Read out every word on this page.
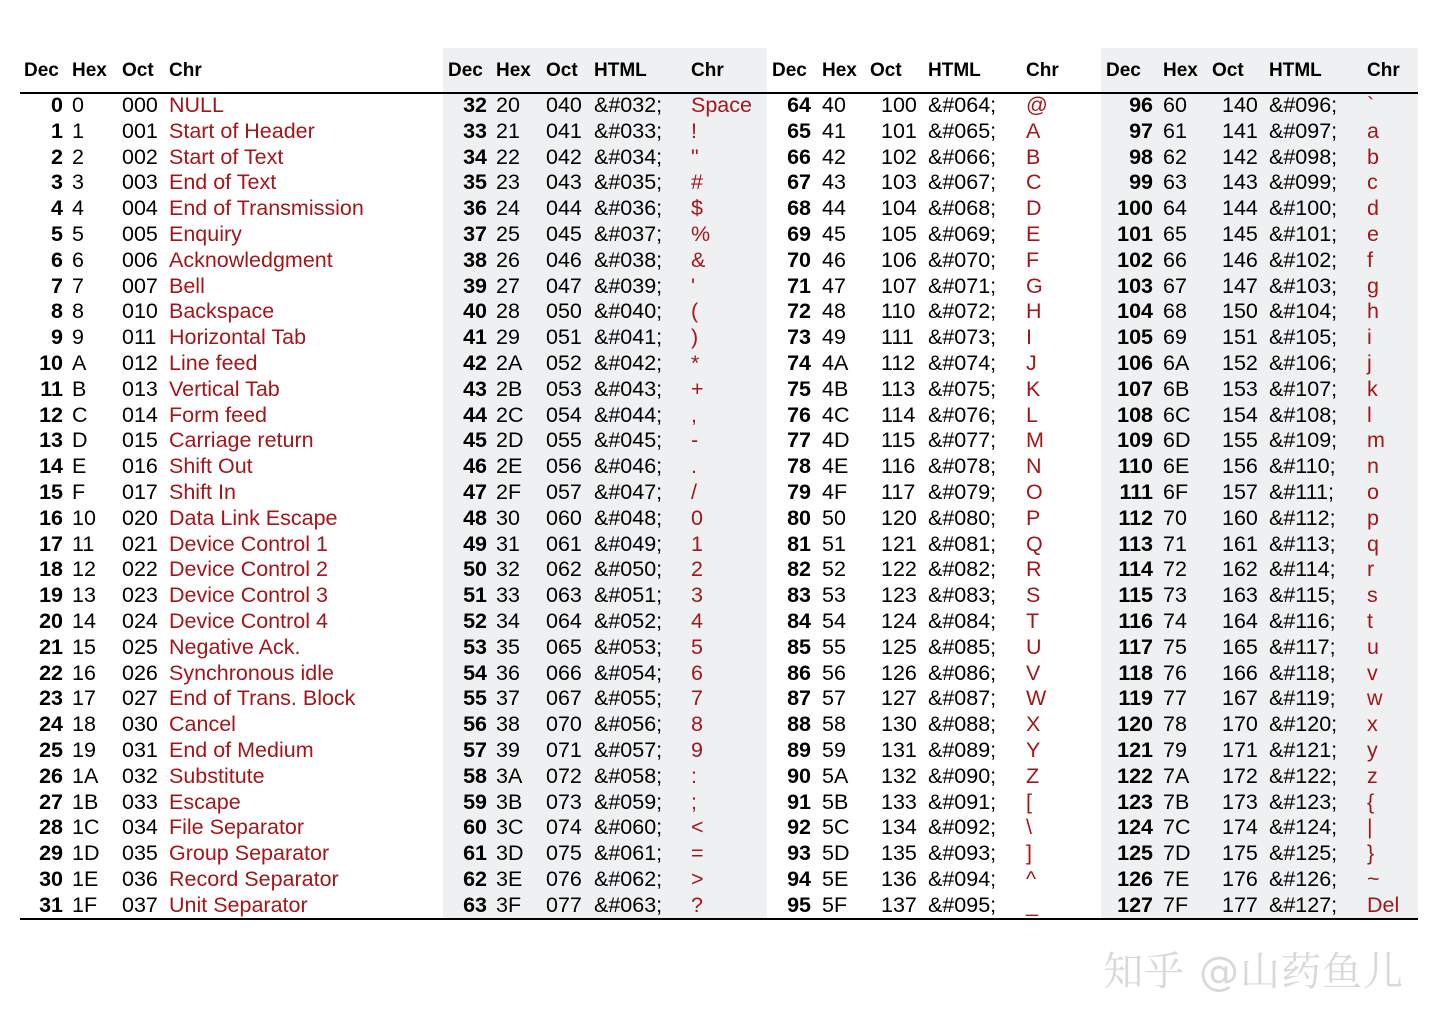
Dec Hex Oct Chr	Dec Hex Oct HTML Chr	Dec Hex Oct HTML Chr Dec Hex Oct HTML Chr
0 0 000 NULL
1 1 001 Start of Header
2 2 002 Start of Text
3 3 003 End of Text
4 4 004 End of Transmission
5 5 005 Enquiry
6 6 006 Acknowledgment
7 7 007 Bell
8 8 010 Backspace
9 9 011 Horizontal Tab
10 A 012 Line feed
11 B 013 Vertical Tab
12 C 014 Form feed
13 D 015 Carriage return
14 E 016 Shift Out
15 F 017 Shift In
16 10 020 Data Link Escape
17 11 021 Device Control 1
18 12 022 Device Control 2
19 13 023 Device Control 3
20 14 024 Device Control 4
21 15 025 Negative Ack.
22 16 026 Synchronous idle
23 17 027 End of Trans. Block
24 18 030 Cancel
25 19 031 End of Medium
26 1A 032 Substitute
27 1B 033 Escape
28 1C 034 File Separator
29 1D 035 Group Separator
30 1E 036 Record Separator
31 1F 037 Unit Separator
32 20 040 &#032; Space
33 21 041 &#033; !
34 22 042 &#034; "
35 23 043 &#035; #
36 24 044 &#036; $
37 25 045 &#037; %
38 26 046 &#038; &
39 27 047 &#039; '
40 28 050 &#040; (
41 29 051 &#041; )
42 2A 052 &#042; *
43 2B 053 &#043; +
44 2C 054 &#044; ,
45 2D 055 &#045; -
46 2E 056 &#046; .
47 2F 057 &#047; /
48 30 060 &#048; 0
49 31 061 &#049; 1
50 32 062 &#050; 2
51 33 063 &#051; 3
52 34 064 &#052; 4
53 35 065 &#053; 5
54 36 066 &#054; 6
55 37 067 &#055; 7
56 38 070 &#056; 8
57 39 071 &#057; 9
58 3A 072 &#058; :
59 3B 073 &#059; ;
60 3C 074 &#060; <
61 3D 075 &#061; =
62 3E 076 &#062; >
63 3F 077 &#063; ?
64 40 100 &#064; @
65 41 101 &#065; A
66 42 102 &#066; B
67 43 103 &#067; C
68 44 104 &#068; D
69 45 105 &#069; E
70 46 106 &#070; F
71 47 107 &#071; G
72 48 110 &#072; H
73 49 111 &#073; I
74 4A 112 &#074; J
75 4B 113 &#075; K
76 4C 114 &#076; L
77 4D 115 &#077; M
78 4E 116 &#078; N
79 4F 117 &#079; O
80 50 120 &#080; P
81 51 121 &#081; Q
82 52 122 &#082; R
83 53 123 &#083; S
84 54 124 &#084; T
85 55 125 &#085; U
86 56 126 &#086; V
87 57 127 &#087; W
88 58 130 &#088; X
89 59 131 &#089; Y
90 5A 132 &#090; Z
91 5B 133 &#091; [
92 5C 134 &#092; \
93 5D 135 &#093; ]
94 5E 136 &#094; ^
95 5F 137 &#095; _
96 60 140 &#096; `
97 61 141 &#097; a
98 62 142 &#098; b
99 63 143 &#099; c
100 64 144 &#100; d
101 65 145 &#101; e
102 66 146 &#102; f
103 67 147 &#103; g
104 68 150 &#104; h
105 69 151 &#105; i
106 6A 152 &#106; j
107 6B 153 &#107; k
108 6C 154 &#108; l
109 6D 155 &#109; m
110 6E 156 &#110; n
111 6F 157 &#111; o
112 70 160 &#112; p
113 71 161 &#113; q
114 72 162 &#114; r
115 73 163 &#115; s
116 74 164 &#116; t
117 75 165 &#117; u
118 76 166 &#118; v
119 77 167 &#119; w
120 78 170 &#120; x
121 79 171 &#121; y
122 7A 172 &#122; z
123 7B 173 &#123; {
124 7C 174 &#124; |
125 7D 175 &#125; }
126 7E 176 &#126; ~
127 7F 177 &#127; Del
知乎 @山药鱼儿
